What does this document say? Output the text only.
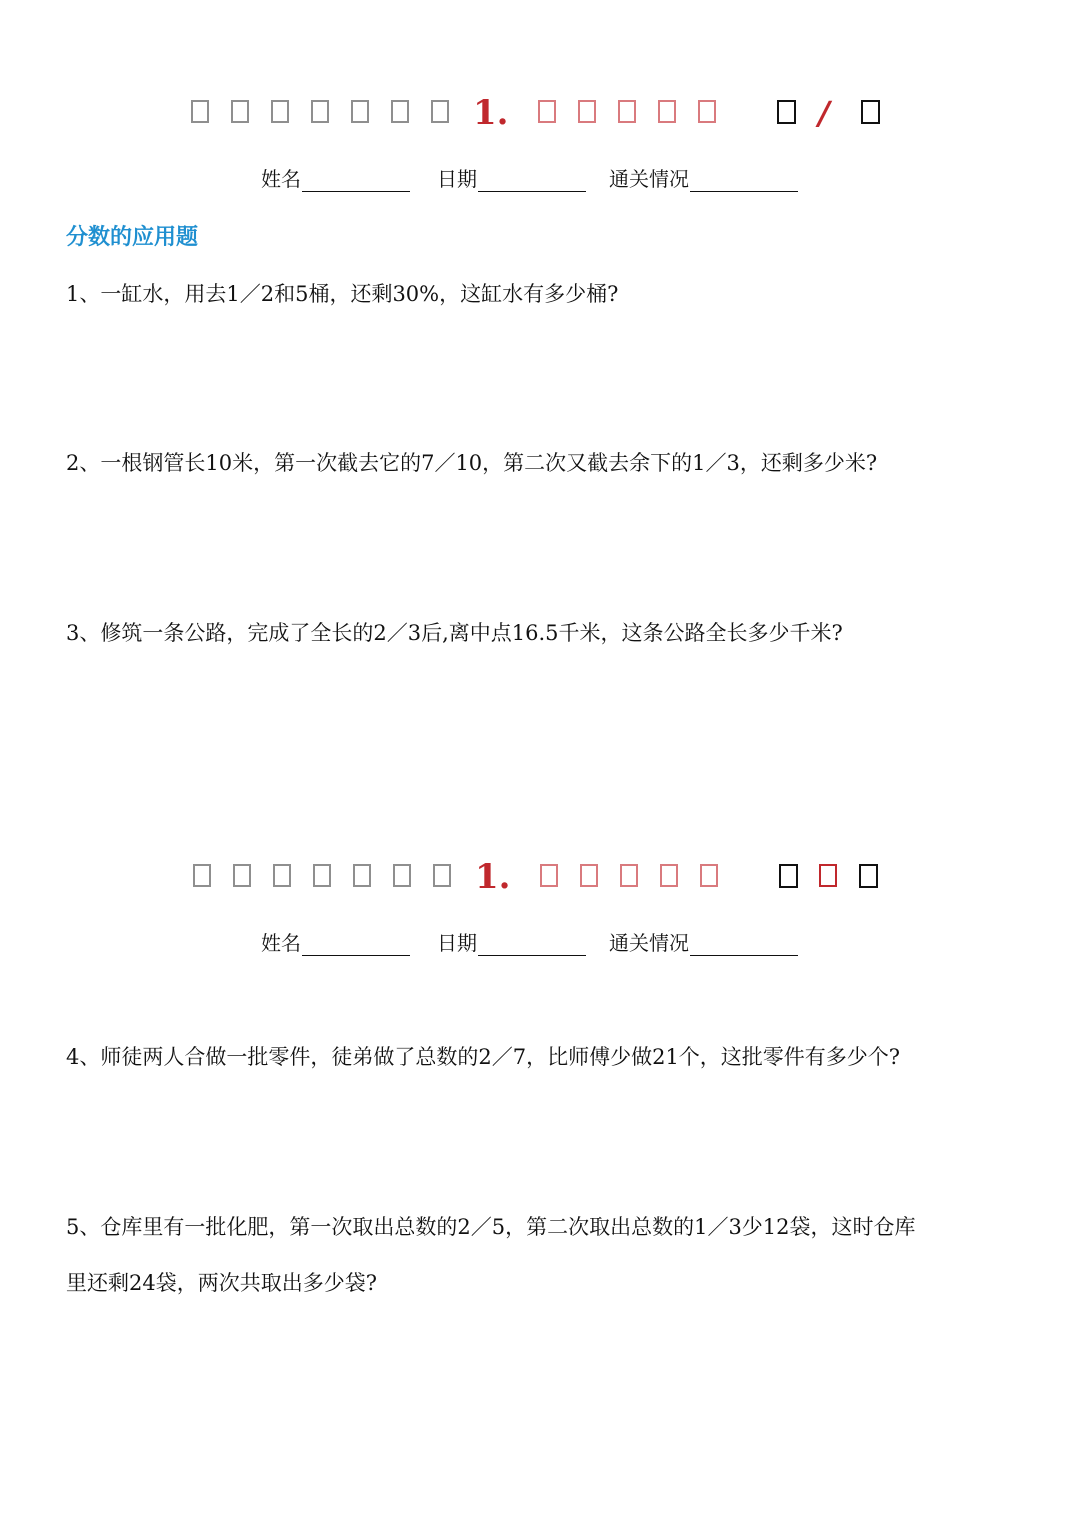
1.	/
姓名	日期	通关情况
分数的应用题
1、一缸水，用去1／2和5桶，还剩30%，这缸水有多少桶?
2、一根钢管长10米，第一次截去它的7／10，第二次又截去余下的1／3，还剩多少米?
3、修筑一条公路，完成了全长的2／3后,离中点16.5千米，这条公路全长多少千米?
1.
姓名	日期	通关情况
4、师徒两人合做一批零件，徒弟做了总数的2／7，比师傅少做21个，这批零件有多少个?
5、仓库里有一批化肥，第一次取出总数的2／5，第二次取出总数的1／3少12袋，这时仓库
里还剩24袋，两次共取出多少袋?
